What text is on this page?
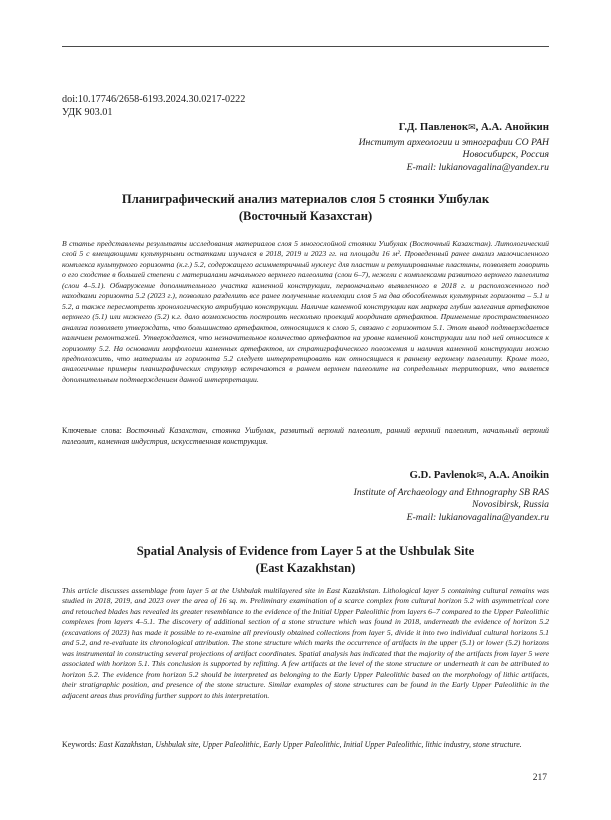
doi:10.17746/2658-6193.2024.30.0217-0222
УДК 903.01
Г.Д. Павленок✉, А.А. Анойкин
Институт археологии и этнографии СО РАН
Новосибирск, Россия
E-mail: lukianovagalina@yandex.ru
Планиграфический анализ материалов слоя 5 стоянки Ушбулак
(Восточный Казахстан)
В статье представлены результаты исследования материалов слоя 5 многослойной стоянки Ушбулак (Восточный Казахстан). Литологический слой 5 с вмещающими культурными остатками изучался в 2018, 2019 и 2023 гг. на площади 16 м². Проведенный ранее анализ малочисленного комплекса культурного горизонта (к.г.) 5.2, содержащего асимметричный нуклеус для пластин и ретушированные пластины, позволяет говорить о его сходстве в большей степени с материалами начального верхнего палеолита (слои 6–7), нежели с комплексами развитого верхнего палеолита (слои 4–5.1). Обнаружение дополнительного участка каменной конструкции, первоначально выявленного в 2018 г. и расположенного под находками горизонта 5.2 (2023 г.), позволило разделить все ранее полученные коллекции слоя 5 на два обособленных культурных горизонта – 5.1 и 5.2, а также пересмотреть хронологическую атрибуцию конструкции. Наличие каменной конструкции как маркера глубин залегания артефактов верхнего (5.1) или нижнего (5.2) к.г. дало возможность построить несколько проекций координат артефактов. Применение пространственного анализа позволяет утверждать, что большинство артефактов, относящихся к слою 5, связано с горизонтом 5.1. Этот вывод подтверждается наличием ремонтажей. Утверждается, что незначительное количество артефактов на уровне каменной конструкции или под ней относится к горизонту 5.2. На основании морфологии каменных артефактов, их стратиграфического положения и наличия каменной конструкции можно предположить, что материалы из горизонта 5.2 следует интерпретировать как относящиеся к раннему верхнему палеолиту. Кроме того, аналогичные примеры планиграфических структур встречаются в раннем верхнем палеолите на сопредельных территориях, что является дополнительным подтверждением данной интерпретации.
Ключевые слова: Восточный Казахстан, стоянка Ушбулак, развитый верхний палеолит, ранний верхний палеолит, начальный верхний палеолит, каменная индустрия, искусственная конструкция.
G.D. Pavlenok✉, A.A. Anoikin
Institute of Archaeology and Ethnography SB RAS
Novosibirsk, Russia
E-mail: lukianovagalina@yandex.ru
Spatial Analysis of Evidence from Layer 5 at the Ushbulak Site
(East Kazakhstan)
This article discusses assemblage from layer 5 at the Ushbulak multilayered site in East Kazakhstan. Lithological layer 5 containing cultural remains was studied in 2018, 2019, and 2023 over the area of 16 sq. m. Preliminary examination of a scarce complex from cultural horizon 5.2 with asymmetrical core and retouched blades has revealed its greater resemblance to the evidence of the Initial Upper Paleolithic from layers 6–7 compared to the Upper Paleolithic complexes from layers 4–5.1. The discovery of additional section of a stone structure which was found in 2018, underneath the evidence of horizon 5.2 (excavations of 2023) has made it possible to re-examine all previously obtained collections from layer 5, divide it into two individual cultural horizons 5.1 and 5.2, and re-evaluate its chronological attribution. The stone structure which marks the occurrence of artifacts in the upper (5.1) or lower (5.2) horizons was instrumental in constructing several projections of artifact coordinates. Spatial analysis has indicated that the majority of the artifacts from layer 5 were associated with horizon 5.1. This conclusion is supported by refitting. A few artifacts at the level of the stone structure or underneath it can be attributed to horizon 5.2. The evidence from horizon 5.2 should be interpreted as belonging to the Early Upper Paleolithic based on the morphology of lithic artifacts, their stratigraphic position, and presence of the stone structure. Similar examples of stone structures can be found in the Early Upper Paleolithic in the adjacent areas thus providing further support to this interpretation.
Keywords: East Kazakhstan, Ushbulak site, Upper Paleolithic, Early Upper Paleolithic, Initial Upper Paleolithic, lithic industry, stone structure.
217
